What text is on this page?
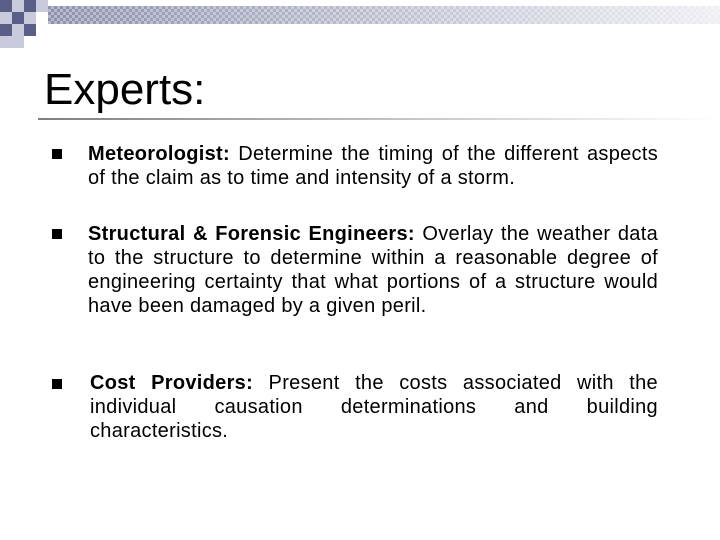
Experts:
Meteorologist: Determine the timing of the different aspects of the claim as to time and intensity of a storm.
Structural & Forensic Engineers: Overlay the weather data to the structure to determine within a reasonable degree of engineering certainty that what portions of a structure would have been damaged by a given peril.
Cost Providers: Present the costs associated with the individual causation determinations and building characteristics.
